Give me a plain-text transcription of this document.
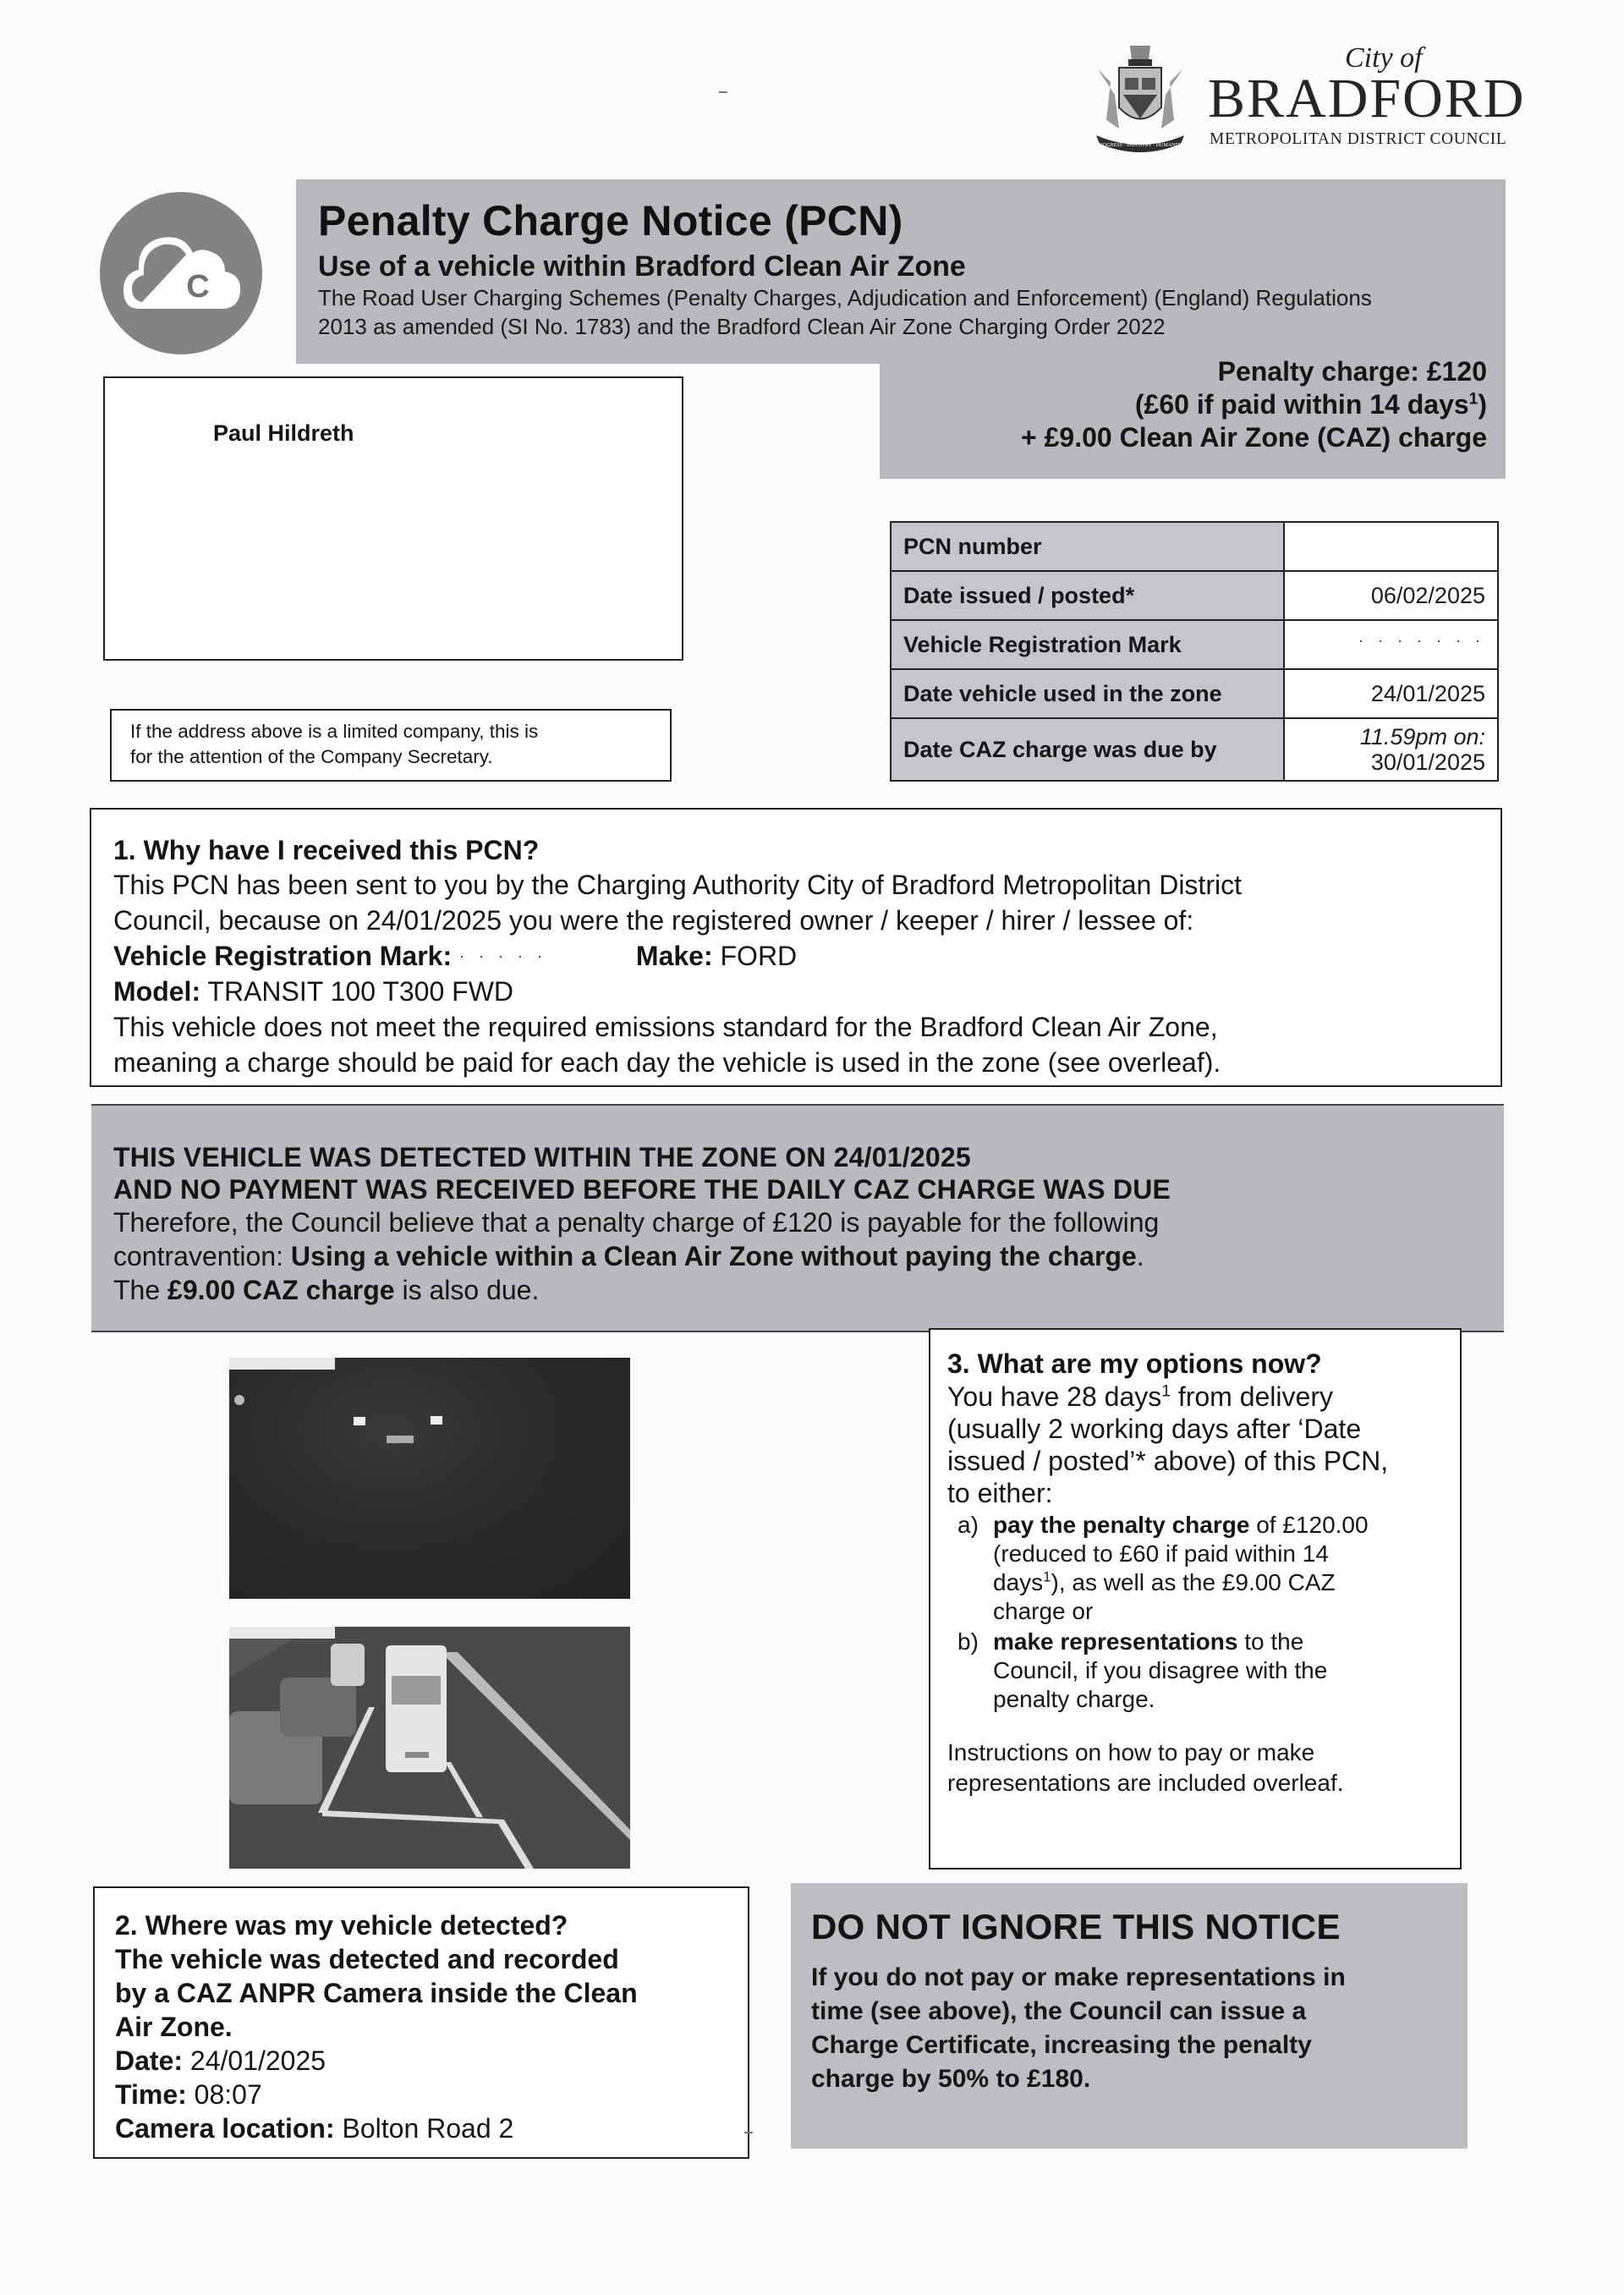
PROGRESS · INDUSTRY · HUMANITY
City of
BRADFORD
METROPOLITAN DISTRICT COUNCIL
C
Penalty Charge Notice (PCN)
Use of a vehicle within Bradford Clean Air Zone
The Road User Charging Schemes (Penalty Charges, Adjudication and Enforcement) (England) Regulations
2013 as amended (SI No. 1783) and the Bradford Clean Air Zone Charging Order 2022
Penalty charge: £120
(£60 if paid within 14 days$^1$)
+ £9.00 Clean Air Zone (CAZ) charge
Paul Hildreth
If the address above is a limited company, this is
for the attention of the Company Secretary.
PCN number	
Date issued / posted*	06/02/2025
Vehicle Registration Mark	· · · · · · ·
Date vehicle used in the zone	24/01/2025
Date CAZ charge was due by	11.59pm on:
30/01/2025
1. Why have I received this PCN?
This PCN has been sent to you by the Charging Authority City of Bradford Metropolitan District
Council, because on 24/01/2025 you were the registered owner / keeper / hirer / lessee of:
Vehicle Registration Mark: · · · · ·	Make: FORD
Model: TRANSIT 100 T300 FWD
This vehicle does not meet the required emissions standard for the Bradford Clean Air Zone,
meaning a charge should be paid for each day the vehicle is used in the zone (see overleaf).
THIS VEHICLE WAS DETECTED WITHIN THE ZONE ON 24/01/2025
AND NO PAYMENT WAS RECEIVED BEFORE THE DAILY CAZ CHARGE WAS DUE
Therefore, the Council believe that a penalty charge of £120 is payable for the following
contravention: Using a vehicle within a Clean Air Zone without paying the charge.
The £9.00 CAZ charge is also due.
3. What are my options now?
You have 28 days$^1$ from delivery
(usually 2 working days after ‘Date
issued / posted’* above) of this PCN,
to either:
a) pay the penalty charge of £120.00
(reduced to £60 if paid within 14
days$^1$), as well as the £9.00 CAZ
charge or
b) make representations to the
Council, if you disagree with the
penalty charge.
Instructions on how to pay or make
representations are included overleaf.
2. Where was my vehicle detected?
The vehicle was detected and recorded
by a CAZ ANPR Camera inside the Clean
Air Zone.
Date: 24/01/2025
Time: 08:07
Camera location: Bolton Road 2
DO NOT IGNORE THIS NOTICE
If you do not pay or make representations in
time (see above), the Council can issue a
Charge Certificate, increasing the penalty
charge by 50% to £180.
